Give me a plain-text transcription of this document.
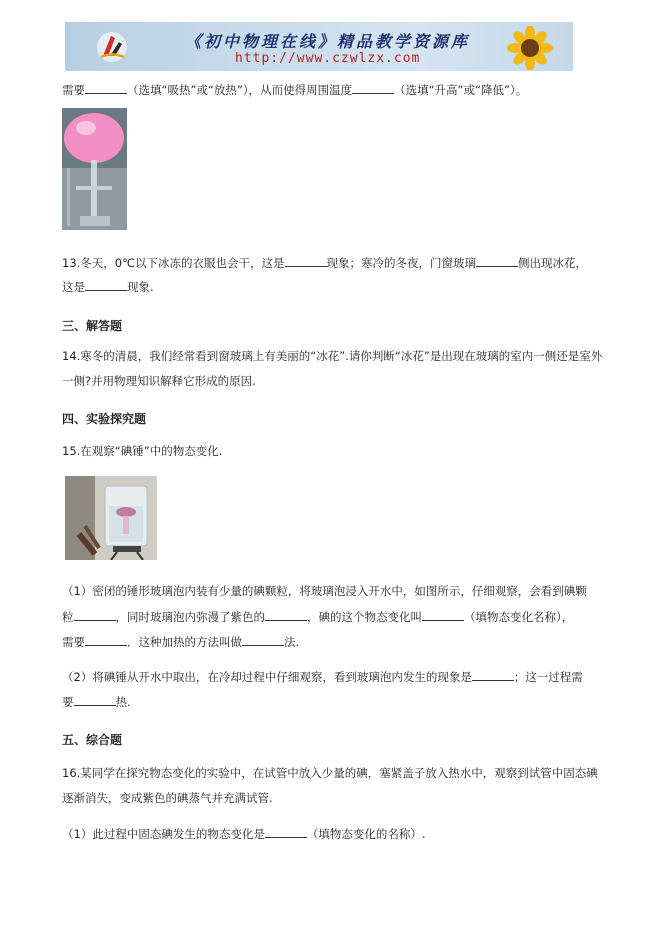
《初中物理在线》精品教学资源库
http://www.czwlzx.com
需要	（选填“吸热”或“放热”），从而使得周围温度	（选填“升高”或“降低”）。
13.冬天，0℃以下冰冻的衣服也会干，这是	现象；寒冷的冬夜，门窗玻璃	侧出现冰花，
这是	现象.
三、解答题
14.寒冬的清晨，我们经常看到窗玻璃上有美丽的“冰花”.请你判断“冰花”是出现在玻璃的室内一侧还是室外
一侧?并用物理知识解释它形成的原因.
四、实验探究题
15.在观察“碘锤”中的物态变化.
（1）密闭的锤形玻璃泡内装有少量的碘颗粒，将玻璃泡浸入开水中，如图所示，仔细观察，会看到碘颗
粒	，同时玻璃泡内弥漫了紫色的	，碘的这个物态变化叫	（填物态变化名称），
需要	．这种加热的方法叫做	法.
（2）将碘锤从开水中取出，在冷却过程中仔细观察，看到玻璃泡内发生的现象是	；这一过程需
要	热.
五、综合题
16.某同学在探究物态变化的实验中，在试管中放入少量的碘，塞紧盖子放入热水中，观察到试管中固态碘
逐渐消失，变成紫色的碘蒸气并充满试管.
（1）此过程中固态碘发生的物态变化是	（填物态变化的名称）.
